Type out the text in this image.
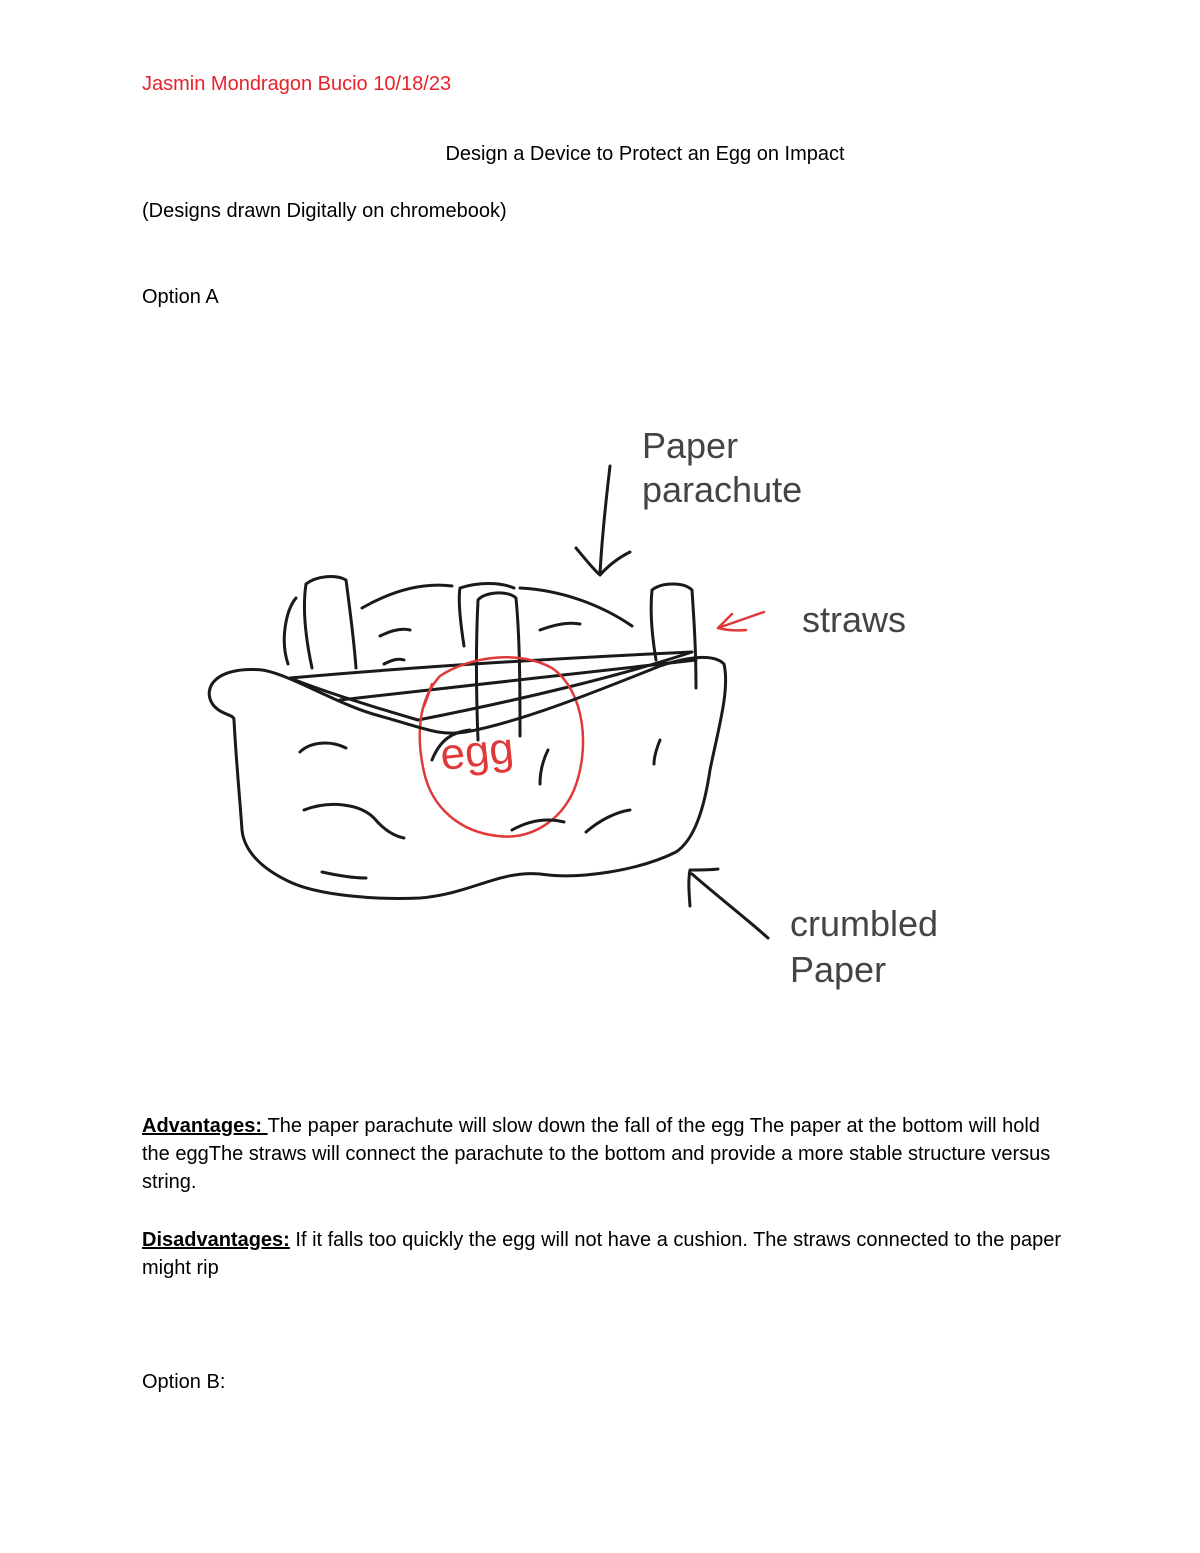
Jasmin Mondragon Bucio 10/18/23
Design a Device to Protect an Egg on Impact
(Designs drawn Digitally on chromebook)
Option A
Paper
parachute
straws
crumbled
Paper
egg
Advantages: The paper parachute will slow down the fall of the egg The paper at the bottom will hold the eggThe straws will connect the parachute to the bottom and provide a more stable structure versus string.
Disadvantages: If it falls too quickly the egg will not have a cushion. The straws connected to the paper might rip
Option B:
